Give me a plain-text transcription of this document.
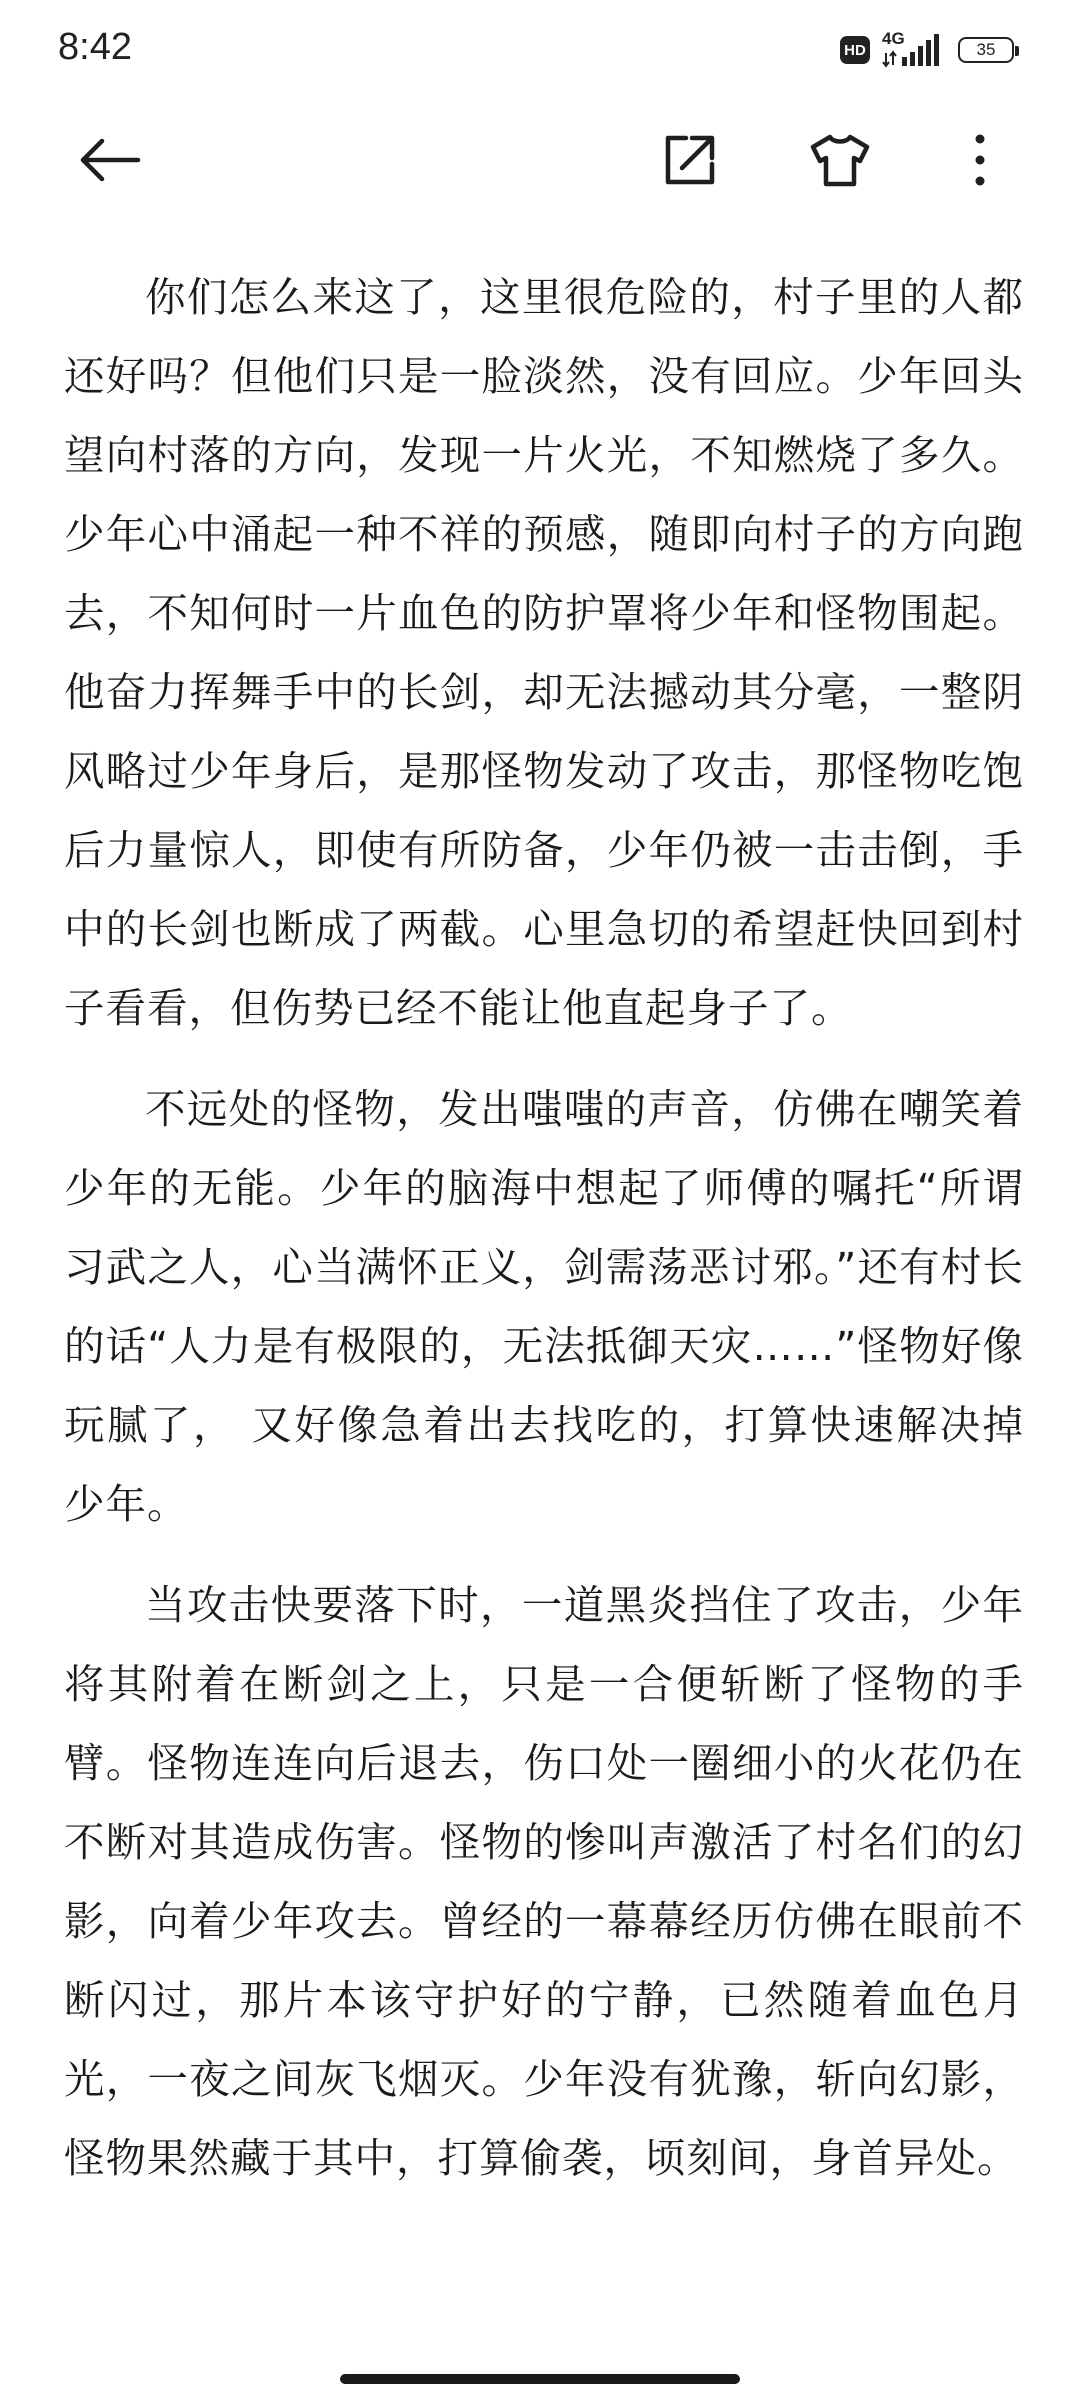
8:42	HD
4G
35

你们怎么来这了，这里很危险的，村子里的人都还好吗？但他们只是一脸淡然，没有回应。少年回头望向村落的方向，发现一片火光，不知燃烧了多久。少年心中涌起一种不祥的预感，随即向村子的方向跑去，不知何时一片血色的防护罩将少年和怪物围起。他奋力挥舞手中的长剑，却无法撼动其分毫，一整阴风略过少年身后，是那怪物发动了攻击，那怪物吃饱后力量惊人，即使有所防备，少年仍被一击击倒，手中的长剑也断成了两截。心里急切的希望赶快回到村子看看，但伤势已经不能让他直起身子了。

不远处的怪物，发出嗤嗤的声音，仿佛在嘲笑着少年的无能。少年的脑海中想起了师傅的嘱托“所谓习武之人，心当满怀正义，剑需荡恶讨邪。”还有村长的话“人力是有极限的，无法抵御天灾……”怪物好像玩腻了， 又好像急着出去找吃的，打算快速解决掉少年。

当攻击快要落下时，一道黑炎挡住了攻击，少年将其附着在断剑之上，只是一合便斩断了怪物的手臂。怪物连连向后退去，伤口处一圈细小的火花仍在不断对其造成伤害。怪物的惨叫声激活了村名们的幻影，向着少年攻去。曾经的一幕幕经历仿佛在眼前不断闪过，那片本该守护好的宁静，已然随着血色月光，一夜之间灰飞烟灭。少年没有犹豫，斩向幻影，怪物果然藏于其中，打算偷袭，顷刻间，身首异处。
